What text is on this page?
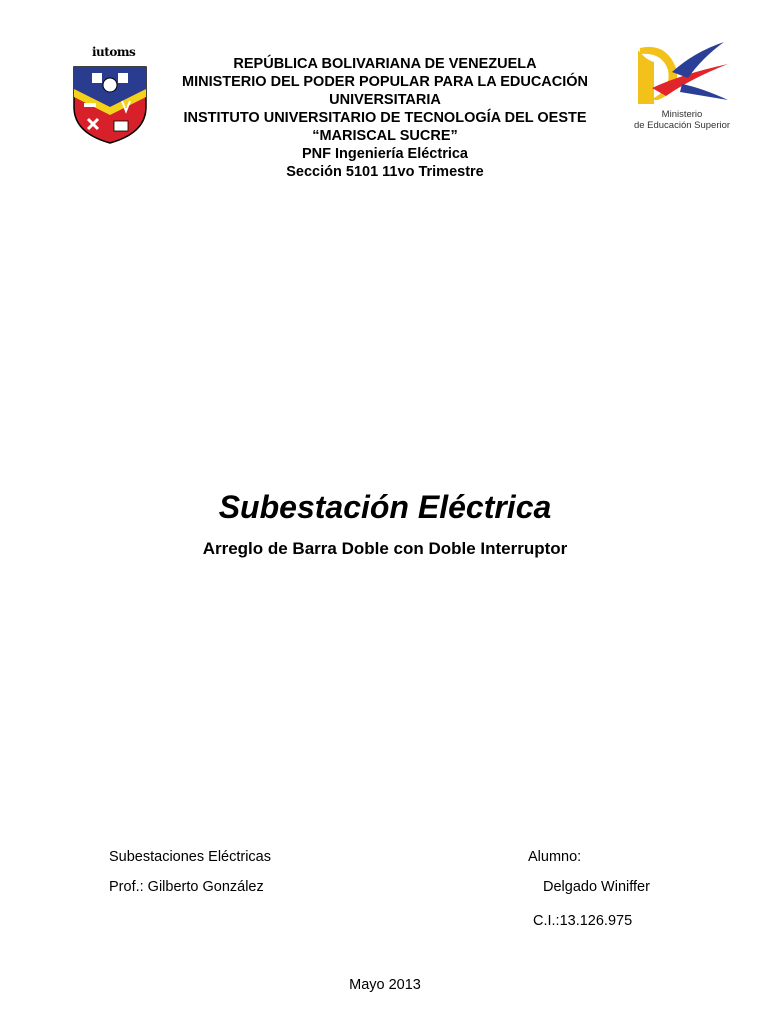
iutoms
Ministerio
de Educación Superior
REPÚBLICA BOLIVARIANA DE VENEZUELA
MINISTERIO DEL PODER POPULAR PARA LA EDUCACIÓN
UNIVERSITARIA
INSTITUTO UNIVERSITARIO DE TECNOLOGÍA DEL OESTE
“MARISCAL SUCRE”
PNF Ingeniería Eléctrica
Sección 5101 11vo Trimestre
Subestación Eléctrica
Arreglo de Barra Doble con Doble Interruptor
Subestaciones Eléctricas
Prof.: Gilberto González
Alumno:
Delgado Winiffer
C.I.:13.126.975
Mayo 2013
